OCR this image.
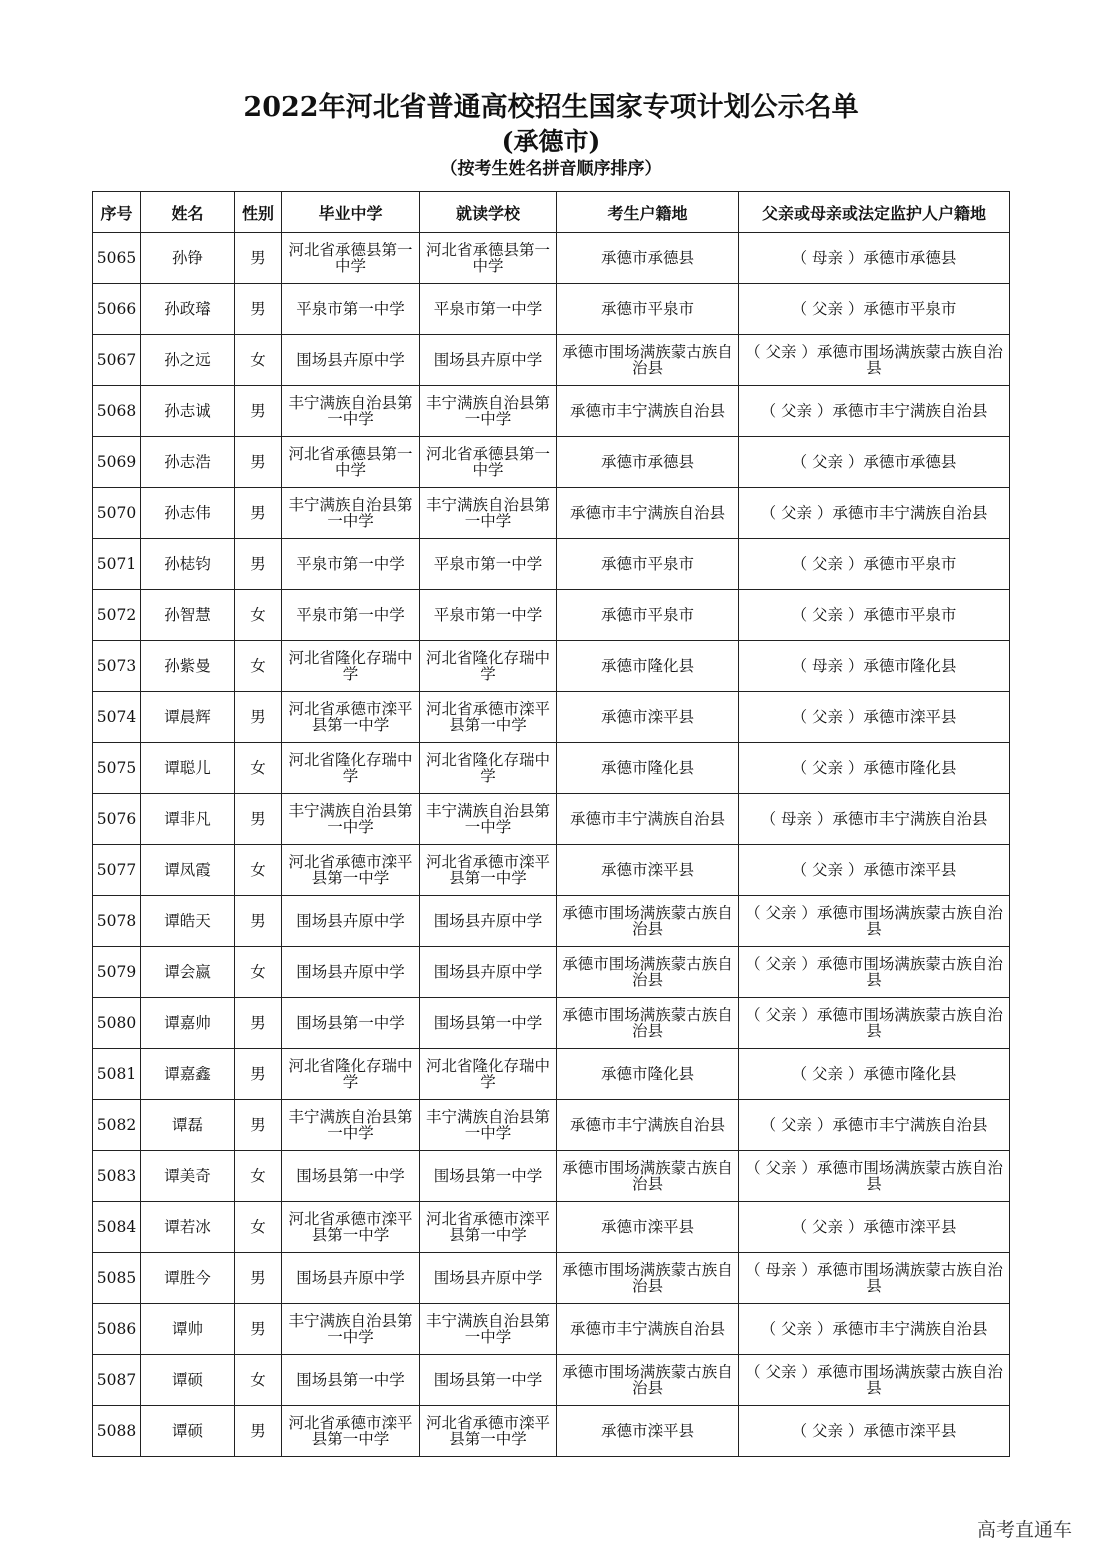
2022年河北省普通高校招生国家专项计划公示名单
(承德市)
（按考生姓名拼音顺序排序）
序号	姓名	性别	毕业中学	就读学校	考生户籍地	父亲或母亲或法定监护人户籍地
5065	孙铮	男	河北省承德县第一中学	河北省承德县第一中学	承德市承德县	（ 母亲 ）承德市承德县
5066	孙政璿	男	平泉市第一中学	平泉市第一中学	承德市平泉市	（ 父亲 ）承德市平泉市
5067	孙之远	女	围场县卉原中学	围场县卉原中学	承德市围场满族蒙古族自治县	（ 父亲 ）承德市围场满族蒙古族自治县
5068	孙志诚	男	丰宁满族自治县第一中学	丰宁满族自治县第一中学	承德市丰宁满族自治县	（ 父亲 ）承德市丰宁满族自治县
5069	孙志浩	男	河北省承德县第一中学	河北省承德县第一中学	承德市承德县	（ 父亲 ）承德市承德县
5070	孙志伟	男	丰宁满族自治县第一中学	丰宁满族自治县第一中学	承德市丰宁满族自治县	（ 父亲 ）承德市丰宁满族自治县
5071	孙梽钧	男	平泉市第一中学	平泉市第一中学	承德市平泉市	（ 父亲 ）承德市平泉市
5072	孙智慧	女	平泉市第一中学	平泉市第一中学	承德市平泉市	（ 父亲 ）承德市平泉市
5073	孙紫曼	女	河北省隆化存瑞中学	河北省隆化存瑞中学	承德市隆化县	（ 母亲 ）承德市隆化县
5074	谭晨辉	男	河北省承德市滦平县第一中学	河北省承德市滦平县第一中学	承德市滦平县	（ 父亲 ）承德市滦平县
5075	谭聪儿	女	河北省隆化存瑞中学	河北省隆化存瑞中学	承德市隆化县	（ 父亲 ）承德市隆化县
5076	谭非凡	男	丰宁满族自治县第一中学	丰宁满族自治县第一中学	承德市丰宁满族自治县	（ 母亲 ）承德市丰宁满族自治县
5077	谭凤霞	女	河北省承德市滦平县第一中学	河北省承德市滦平县第一中学	承德市滦平县	（ 父亲 ）承德市滦平县
5078	谭皓天	男	围场县卉原中学	围场县卉原中学	承德市围场满族蒙古族自治县	（ 父亲 ）承德市围场满族蒙古族自治县
5079	谭会嬴	女	围场县卉原中学	围场县卉原中学	承德市围场满族蒙古族自治县	（ 父亲 ）承德市围场满族蒙古族自治县
5080	谭嘉帅	男	围场县第一中学	围场县第一中学	承德市围场满族蒙古族自治县	（ 父亲 ）承德市围场满族蒙古族自治县
5081	谭嘉鑫	男	河北省隆化存瑞中学	河北省隆化存瑞中学	承德市隆化县	（ 父亲 ）承德市隆化县
5082	谭磊	男	丰宁满族自治县第一中学	丰宁满族自治县第一中学	承德市丰宁满族自治县	（ 父亲 ）承德市丰宁满族自治县
5083	谭美奇	女	围场县第一中学	围场县第一中学	承德市围场满族蒙古族自治县	（ 父亲 ）承德市围场满族蒙古族自治县
5084	谭若冰	女	河北省承德市滦平县第一中学	河北省承德市滦平县第一中学	承德市滦平县	（ 父亲 ）承德市滦平县
5085	谭胜今	男	围场县卉原中学	围场县卉原中学	承德市围场满族蒙古族自治县	（ 母亲 ）承德市围场满族蒙古族自治县
5086	谭帅	男	丰宁满族自治县第一中学	丰宁满族自治县第一中学	承德市丰宁满族自治县	（ 父亲 ）承德市丰宁满族自治县
5087	谭硕	女	围场县第一中学	围场县第一中学	承德市围场满族蒙古族自治县	（ 父亲 ）承德市围场满族蒙古族自治县
5088	谭硕	男	河北省承德市滦平县第一中学	河北省承德市滦平县第一中学	承德市滦平县	（ 父亲 ）承德市滦平县
高考直通车
